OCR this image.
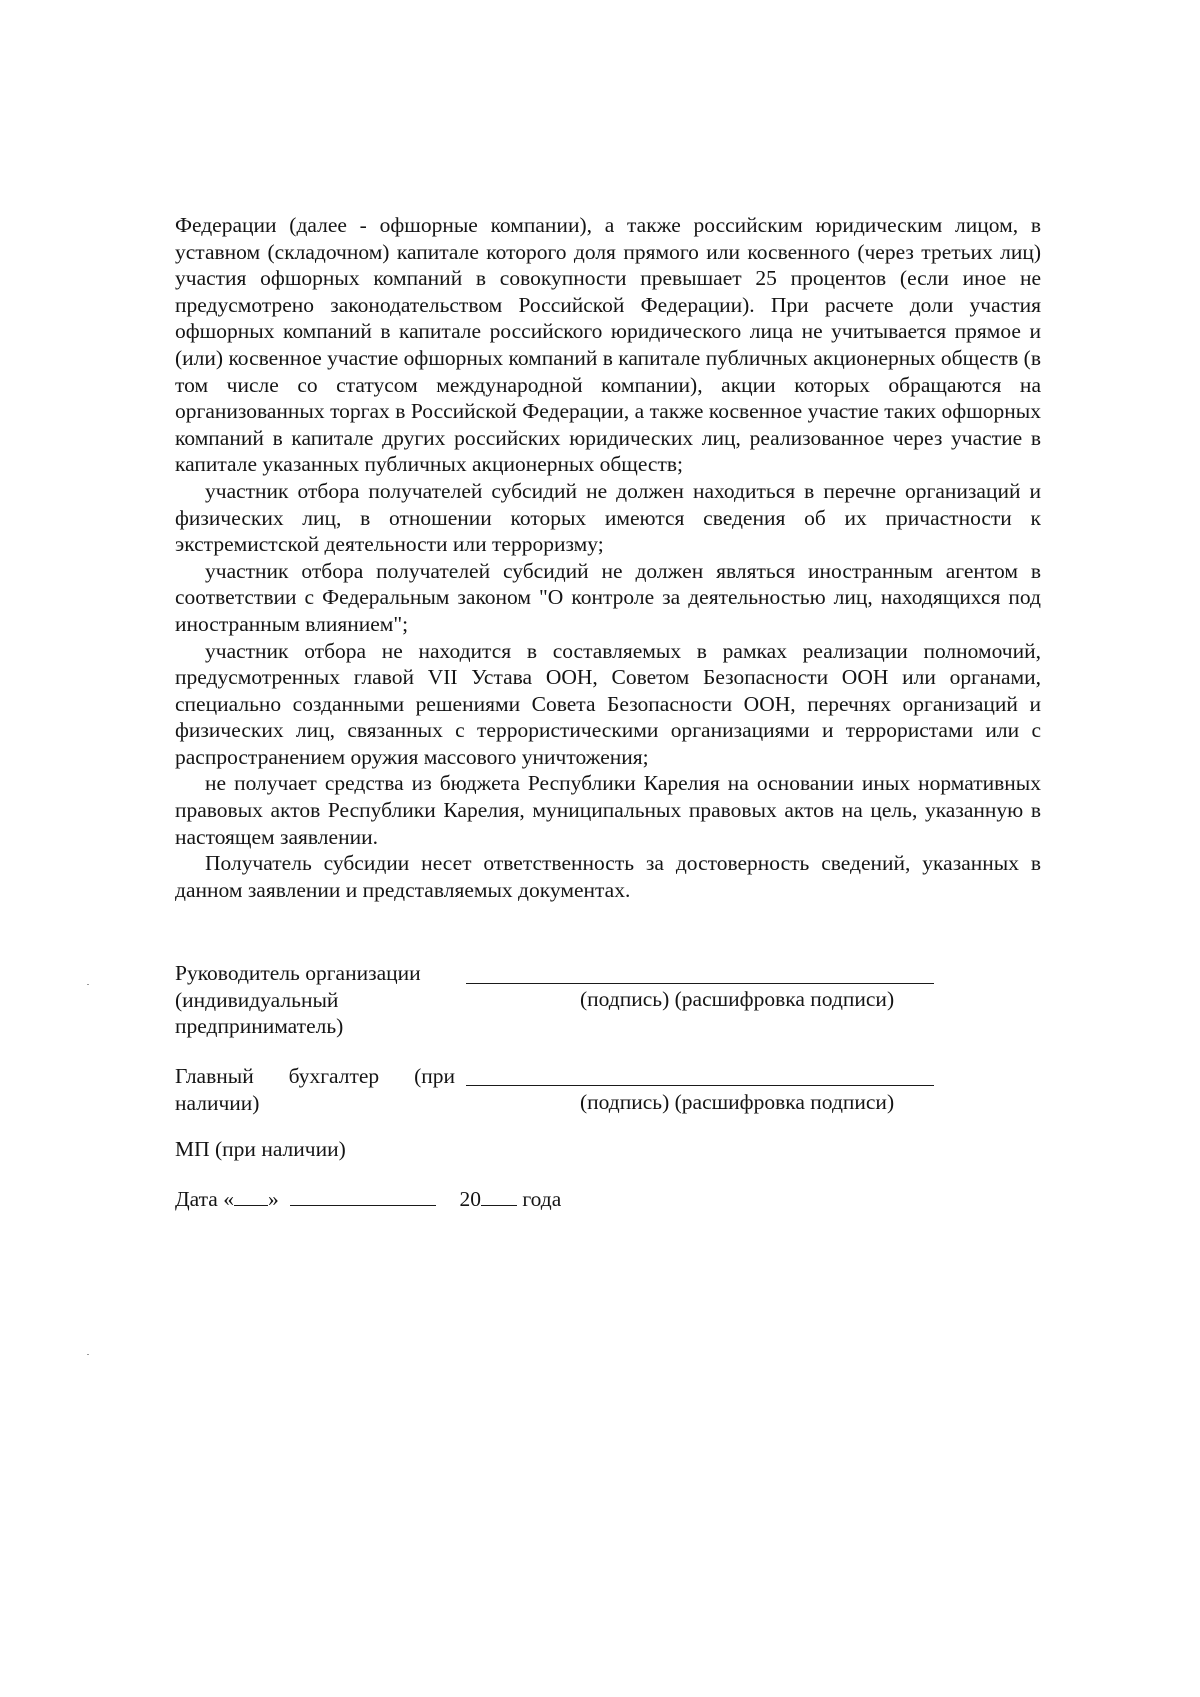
Федерации (далее - офшорные компании), а также российским юридическим лицом, в уставном (складочном) капитале которого доля прямого или косвенного (через третьих лиц) участия офшорных компаний в совокупности превышает 25 процентов (если иное не предусмотрено законодательством Российской Федерации). При расчете доли участия офшорных компаний в капитале российского юридического лица не учитывается прямое и (или) косвенное участие офшорных компаний в капитале публичных акционерных обществ (в том числе со статусом международной компании), акции которых обращаются на организованных торгах в Российской Федерации, а также косвенное участие таких офшорных компаний в капитале других российских юридических лиц, реализованное через участие в капитале указанных публичных акционерных обществ;

участник отбора получателей субсидий не должен находиться в перечне организаций и физических лиц, в отношении которых имеются сведения об их причастности к экстремистской деятельности или терроризму;

участник отбора получателей субсидий не должен являться иностранным агентом в соответствии с Федеральным законом "О контроле за деятельностью лиц, находящихся под иностранным влиянием";

участник отбора не находится в составляемых в рамках реализации полномочий, предусмотренных главой VII Устава ООН, Советом Безопасности ООН или органами, специально созданными решениями Совета Безопасности ООН, перечнях организаций и физических лиц, связанных с террористическими организациями и террористами или с распространением оружия массового уничтожения;

не получает средства из бюджета Республики Карелия на основании иных нормативных правовых актов Республики Карелия, муниципальных правовых актов на цель, указанную в настоящем заявлении.

Получатель субсидии несет ответственность за достоверность сведений, указанных в данном заявлении и представляемых документах.

Руководитель организации
(индивидуальный
предприниматель)
(подпись) (расшифровка подписи)
Главный бухгалтер (при
наличии)	(подпись) (расшифровка подписи)
МП (при наличии)
Дата « »	20 года
